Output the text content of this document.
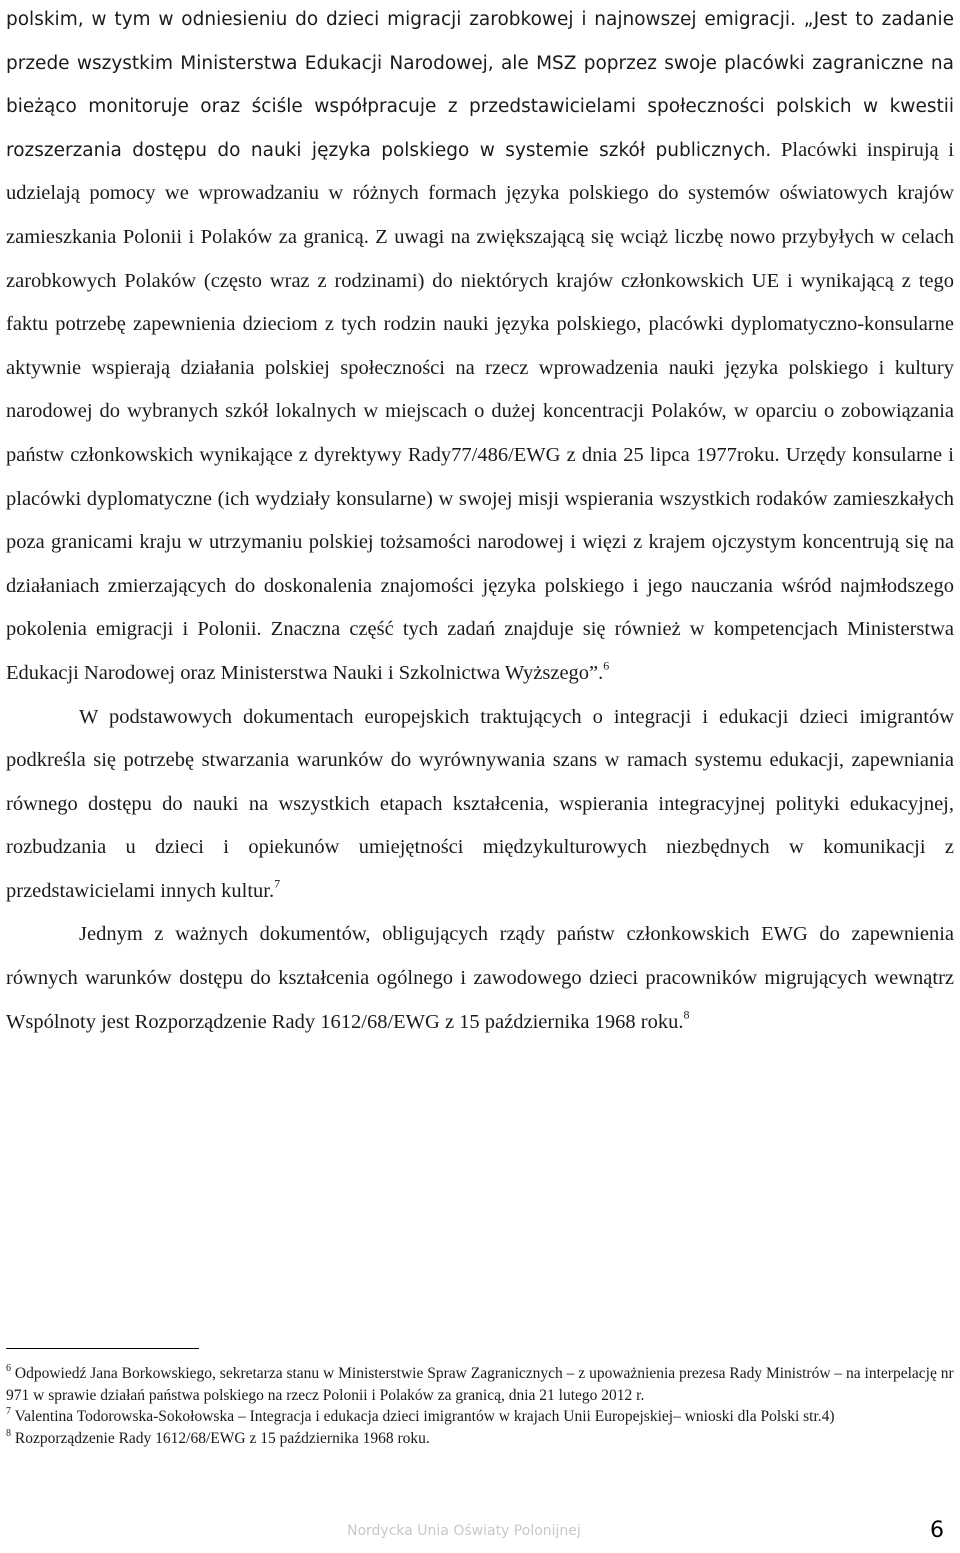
polskim, w tym w odniesieniu do dzieci migracji zarobkowej i najnowszej emigracji. „Jest to zadanie przede wszystkim Ministerstwa Edukacji Narodowej, ale MSZ poprzez swoje placówki zagraniczne na bieżąco monitoruje oraz ściśle współpracuje z przedstawicielami społeczności polskich w kwestii rozszerzania dostępu do nauki języka polskiego w systemie szkół publicznych. Placówki inspirują i udzielają pomocy we wprowadzaniu w różnych formach języka polskiego do systemów oświatowych krajów zamieszkania Polonii i Polaków za granicą. Z uwagi na zwiększającą się wciąż liczbę nowo przybyłych w celach zarobkowych Polaków (często wraz z rodzinami) do niektórych krajów członkowskich UE i wynikającą z tego faktu potrzebę zapewnienia dzieciom z tych rodzin nauki języka polskiego, placówki dyplomatyczno-konsularne aktywnie wspierają działania polskiej społeczności na rzecz wprowadzenia nauki języka polskiego i kultury narodowej do wybranych szkół lokalnych w miejscach o dużej koncentracji Polaków, w oparciu o zobowiązania państw członkowskich wynikające z dyrektywy Rady77/486/EWG z dnia 25 lipca 1977roku. Urzędy konsularne i placówki dyplomatyczne (ich wydziały konsularne) w swojej misji wspierania wszystkich rodaków zamieszkałych poza granicami kraju w utrzymaniu polskiej tożsamości narodowej i więzi z krajem ojczystym koncentrują się na działaniach zmierzających do doskonalenia znajomości języka polskiego i jego nauczania wśród najmłodszego pokolenia emigracji i Polonii. Znaczna część tych zadań znajduje się również w kompetencjach Ministerstwa Edukacji Narodowej oraz Ministerstwa Nauki i Szkolnictwa Wyższego”.$^6$

W podstawowych dokumentach europejskich traktujących o integracji i edukacji dzieci imigrantów podkreśla się potrzebę stwarzania warunków do wyrównywania szans w ramach systemu edukacji, zapewniania równego dostępu do nauki na wszystkich etapach kształcenia, wspierania integracyjnej polityki edukacyjnej, rozbudzania u dzieci i opiekunów umiejętności międzykulturowych niezbędnych w komunikacji z przedstawicielami innych kultur.$^7$

Jednym z ważnych dokumentów, obligujących rządy państw członkowskich EWG do zapewnienia równych warunków dostępu do kształcenia ogólnego i zawodowego dzieci pracowników migrujących wewnątrz Wspólnoty jest Rozporządzenie Rady 1612/68/EWG z 15 października 1968 roku.$^8$

$^6$ Odpowiedź Jana Borkowskiego, sekretarza stanu w Ministerstwie Spraw Zagranicznych – z upoważnienia prezesa Rady Ministrów – na interpelację nr 971 w sprawie działań państwa polskiego na rzecz Polonii i Polaków za granicą, dnia 21 lutego 2012 r.

$^7$ Valentina Todorowska-Sokołowska – Integracja i edukacja dzieci imigrantów w krajach Unii Europejskiej– wnioski dla Polski str.4)

$^8$ Rozporządzenie Rady 1612/68/EWG z 15 października 1968 roku.

Nordycka Unia Oświaty Polonijnej	6
